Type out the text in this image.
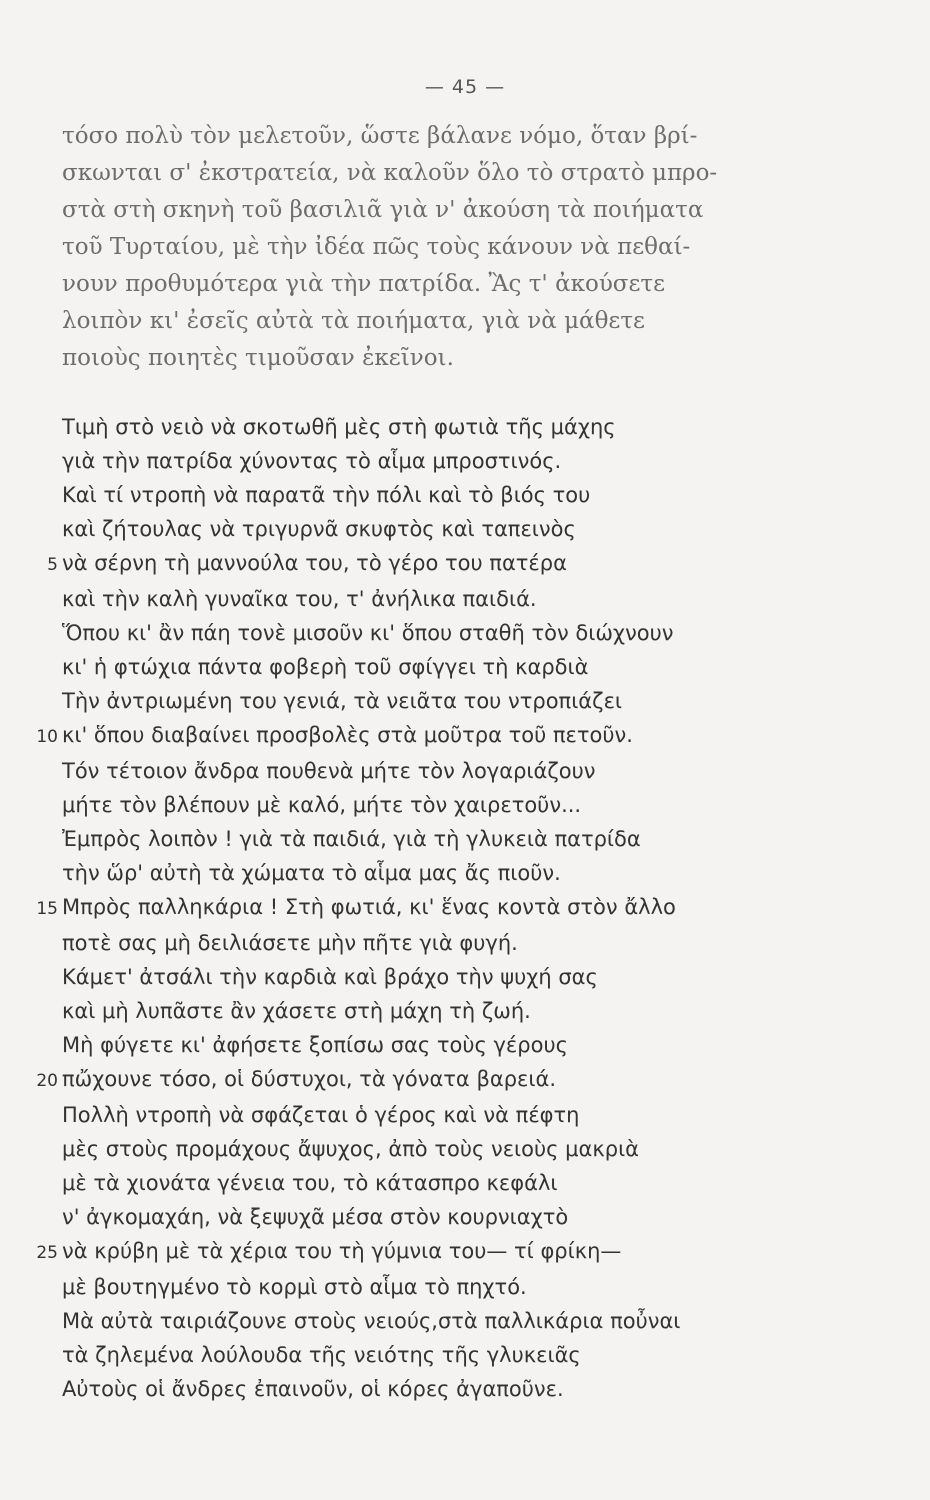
— 45 —
τόσο πολὺ τὸν μελετοῦν, ὥστε βάλανε νόμο, ὅταν βρί-
σκωνται σ' ἐκστρατεία, νὰ καλοῦν ὅλο τὸ στρατὸ μπρο-
στὰ στὴ σκηνὴ τοῦ βασιλιᾶ γιὰ ν' ἀκούση τὰ ποιήματα
τοῦ Τυρταίου, μὲ τὴν ἰδέα πῶς τοὺς κάνουν νὰ πεθαί-
νουν προθυμότερα γιὰ τὴν πατρίδα. Ἂς τ' ἀκούσετε
λοιπὸν κι' ἐσεῖς αὐτὰ τὰ ποιήματα, γιὰ νὰ μάθετε
ποιοὺς ποιητὲς τιμοῦσαν ἐκεῖνοι.
Τιμὴ στὸ νειὸ νὰ σκοτωθῆ μὲς στὴ φωτιὰ τῆς μάχης
γιὰ τὴν πατρίδα χύνοντας τὸ αἷμα μπροστινός.
Καὶ τί ντροπὴ νὰ παρατᾶ τὴν πόλι καὶ τὸ βιός του
καὶ ζήτουλας νὰ τριγυρνᾶ σκυφτὸς καὶ ταπεινὸς
5 νὰ σέρνη τὴ μαννούλα του, τὸ γέρο του πατέρα
καὶ τὴν καλὴ γυναῖκα του, τ' ἀνήλικα παιδιά.
Ὅπου κι' ἂν πάη τονὲ μισοῦν κι' ὅπου σταθῆ τὸν διώχνουν
κι' ἡ φτώχια πάντα φοβερὴ τοῦ σφίγγει τὴ καρδιὰ
Τὴν ἀντριωμένη του γενιά, τὰ νειᾶτα του ντροπιάζει
10 κι' ὅπου διαβαίνει προσβολὲς στὰ μοῦτρα τοῦ πετοῦν.
Τόν τέτοιον ἄνδρα πουθενὰ μήτε τὸν λογαριάζουν
μήτε τὸν βλέπουν μὲ καλό, μήτε τὸν χαιρετοῦν...
Ἐμπρὸς λοιπὸν ! γιὰ τὰ παιδιά, γιὰ τὴ γλυκειὰ πατρίδα
τὴν ὥρ' αὐτὴ τὰ χώματα τὸ αἷμα μας ἄς πιοῦν.
15 Μπρὸς παλληκάρια ! Στὴ φωτιά, κι' ἕνας κοντὰ στὸν ἄλλο
ποτὲ σας μὴ δειλιάσετε μὴν πῆτε γιὰ φυγή.
Κάμετ' ἀτσάλι τὴν καρδιὰ καὶ βράχο τὴν ψυχή σας
καὶ μὴ λυπᾶστε ἂν χάσετε στὴ μάχη τὴ ζωή.
Μὴ φύγετε κι' ἀφήσετε ξοπίσω σας τοὺς γέρους
20 πὤχουνε τόσο, οἱ δύστυχοι, τὰ γόνατα βαρειά.
Πολλὴ ντροπὴ νὰ σφάζεται ὁ γέρος καὶ νὰ πέφτη
μὲς στοὺς προμάχους ἄψυχος, ἀπὸ τοὺς νειοὺς μακριὰ
μὲ τὰ χιονάτα γένεια του, τὸ κάτασπρο κεφάλι
ν' ἀγκομαχάη, νὰ ξεψυχᾶ μέσα στὸν κουρνιαχτὸ
25 νὰ κρύβη μὲ τὰ χέρια του τὴ γύμνια του— τί φρίκη—
μὲ βουτηγμένο τὸ κορμὶ στὸ αἷμα τὸ πηχτό.
Μὰ αὐτὰ ταιριάζουνε στοὺς νειούς,στὰ παλλικάρια ποὖναι
τὰ ζηλεμένα λούλουδα τῆς νειότης τῆς γλυκειᾶς
Αὐτοὺς οἱ ἄνδρες ἐπαινοῦν, οἱ κόρες ἀγαποῦνε.
